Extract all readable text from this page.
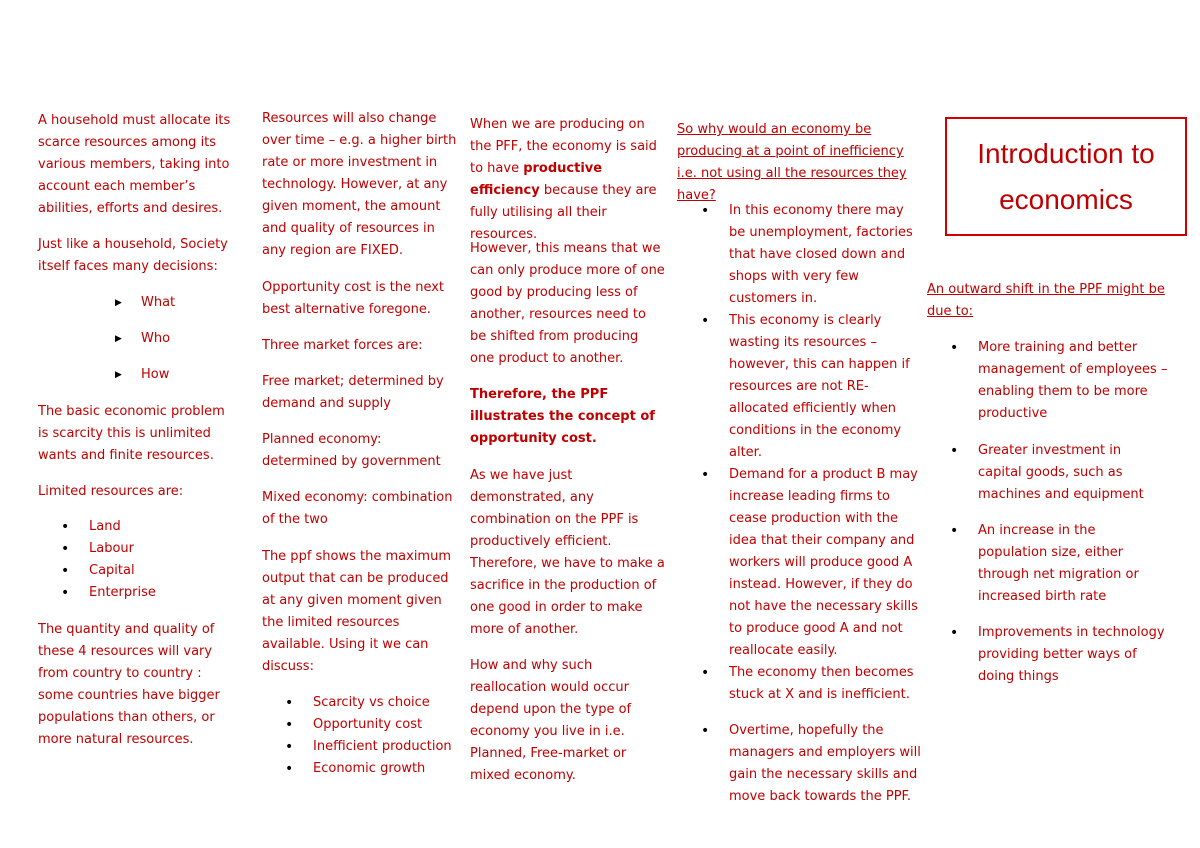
A household must allocate its scarce resources among its various members, taking into account each member’s abilities, efforts and desires.

Just like a household, Society itself faces many decisions:

▶ What
▶ Who
▶ How

The basic economic problem is scarcity this is unlimited wants and finite resources.

Limited resources are:

• Land
• Labour
• Capital
• Enterprise

The quantity and quality of these 4 resources will vary from country to country : some countries have bigger populations than others, or more natural resources.

Resources will also change over time – e.g. a higher birth rate or more investment in technology. However, at any given moment, the amount and quality of resources in any region are FIXED.

Opportunity cost is the next best alternative foregone.

Three market forces are:

Free market; determined by demand and supply

Planned economy: determined by government

Mixed economy: combination of the two

The ppf shows the maximum output that can be produced at any given moment given the limited resources available. Using it we can discuss:

• Scarcity vs choice
• Opportunity cost
• Inefficient production
• Economic growth

When we are producing on the PFF, the economy is said to have productive efficiency because they are fully utilising all their resources.

However, this means that we can only produce more of one good by producing less of another, resources need to be shifted from producing one product to another.

Therefore, the PPF illustrates the concept of opportunity cost.

As we have just demonstrated, any combination on the PPF is productively efficient. Therefore, we have to make a sacrifice in the production of one good in order to make more of another.

How and why such reallocation would occur depend upon the type of economy you live in i.e. Planned, Free-market or mixed economy.

So why would an economy be producing at a point of inefficiency i.e. not using all the resources they have?

• In this economy there may be unemployment, factories that have closed down and shops with very few customers in.
• This economy is clearly wasting its resources – however, this can happen if resources are not RE-allocated efficiently when conditions in the economy alter.
• Demand for a product B may increase leading firms to cease production with the idea that their company and workers will produce good A instead. However, if they do not have the necessary skills to produce good A and not reallocate easily.
• The economy then becomes stuck at X and is inefficient.
• Overtime, hopefully the managers and employers will gain the necessary skills and move back towards the PPF.
Introduction to economics

An outward shift in the PPF might be due to:

• More training and better management of employees – enabling them to be more productive
• Greater investment in capital goods, such as machines and equipment
• An increase in the population size, either through net migration or increased birth rate
• Improvements in technology providing better ways of doing things
